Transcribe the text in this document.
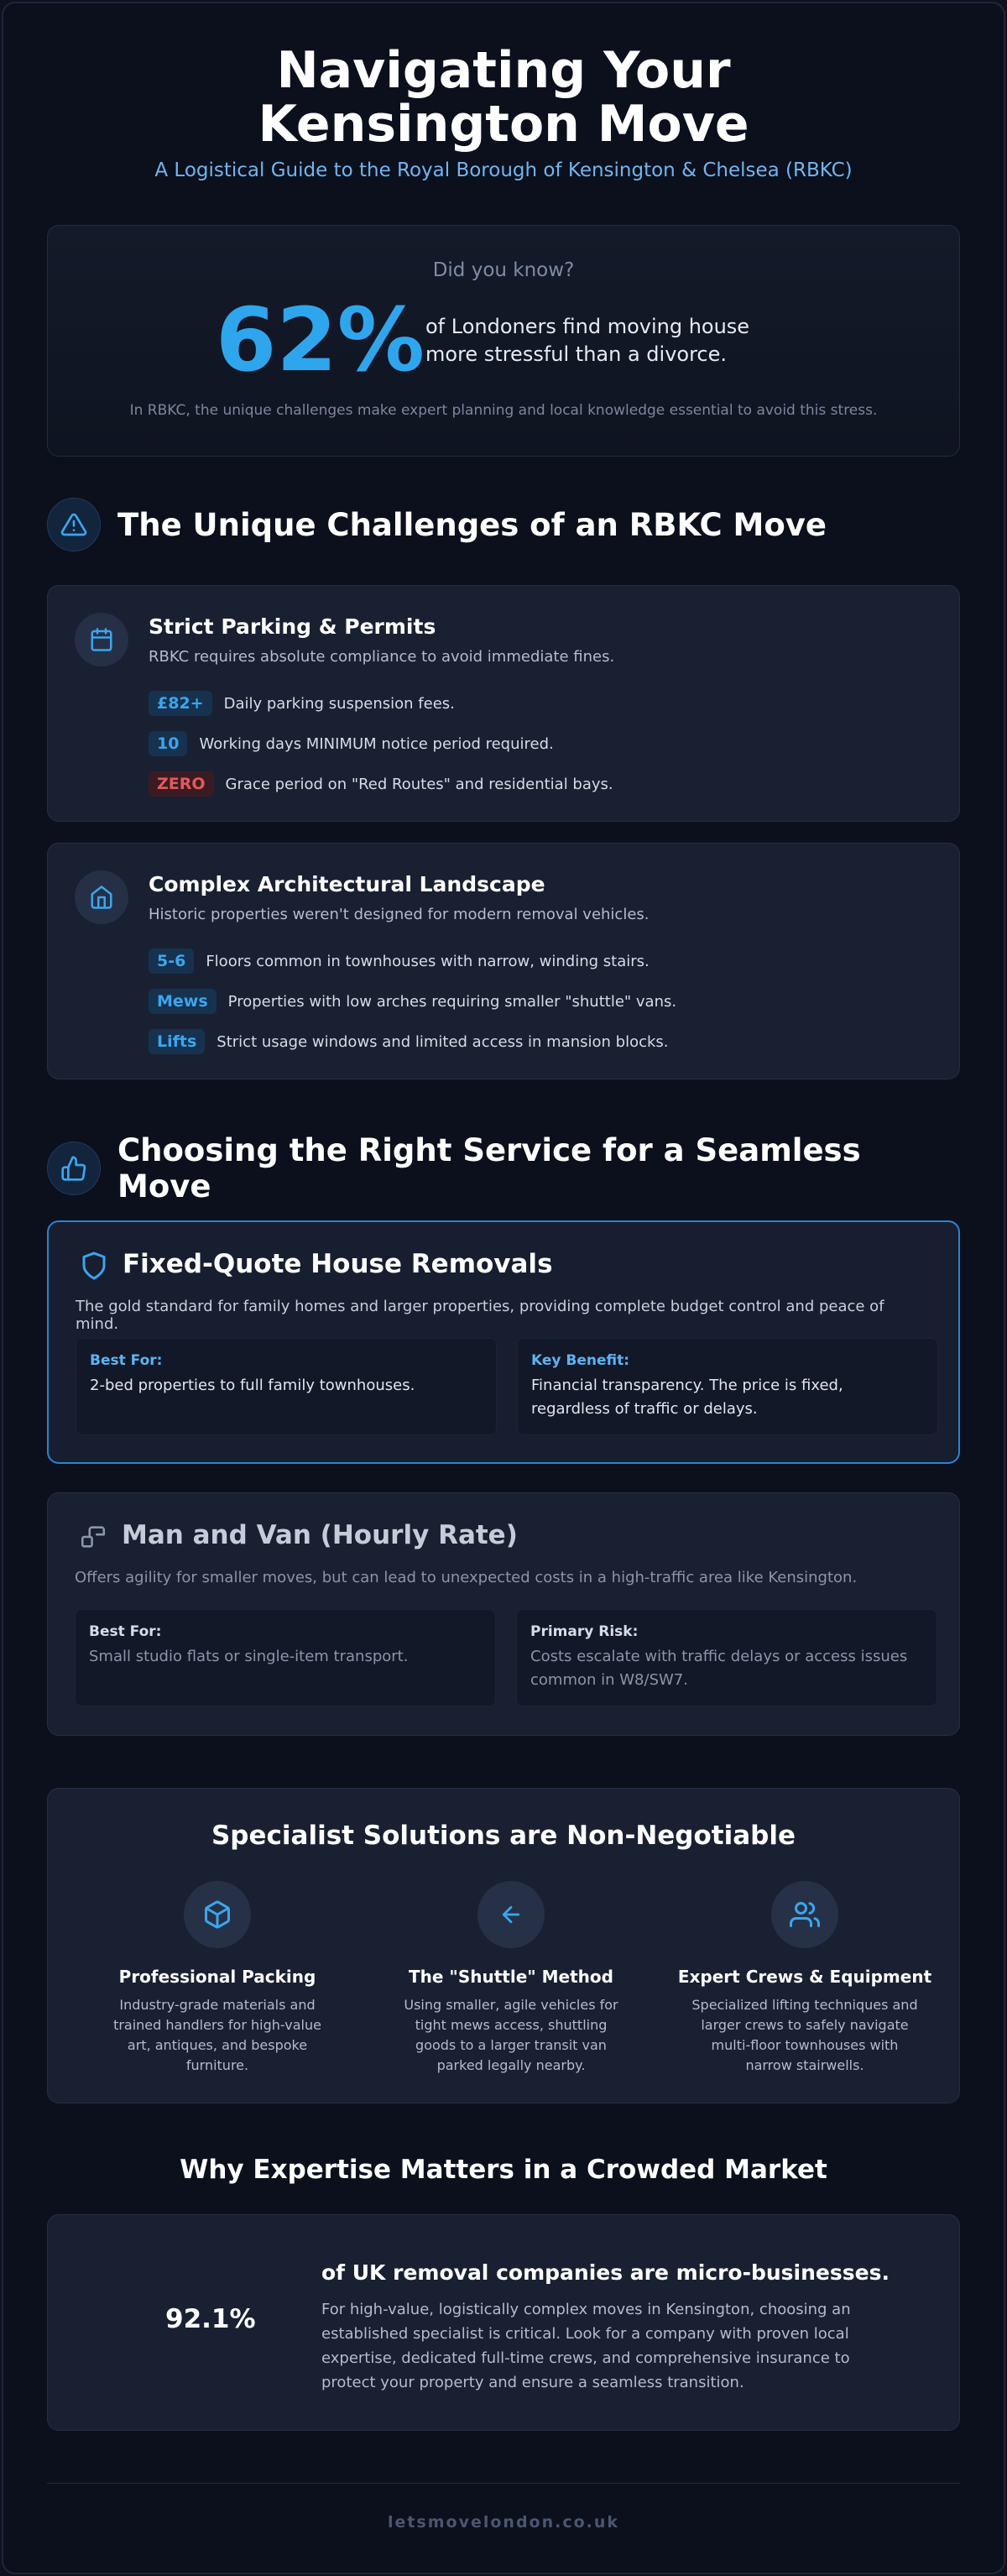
Navigating Your Kensington Move
A Logistical Guide to the Royal Borough of Kensington & Chelsea (RBKC)
Did you know?
62% of Londoners find moving house more stressful than a divorce.
In RBKC, the unique challenges make expert planning and local knowledge essential to avoid this stress.
The Unique Challenges of an RBKC Move
Strict Parking & Permits
RBKC requires absolute compliance to avoid immediate fines.
£82+	Daily parking suspension fees.
10	Working days MINIMUM notice period required.
ZERO	Grace period on "Red Routes" and residential bays.
Complex Architectural Landscape
Historic properties weren't designed for modern removal vehicles.
5-6	Floors common in townhouses with narrow, winding stairs.
Mews	Properties with low arches requiring smaller "shuttle" vans.
Lifts	Strict usage windows and limited access in mansion blocks.
Choosing the Right Service for a Seamless Move
Fixed-Quote House Removals
The gold standard for family homes and larger properties, providing complete budget control and peace of mind.
Best For:
2-bed properties to full family townhouses.
Key Benefit:
Financial transparency. The price is fixed, regardless of traffic or delays.
Man and Van (Hourly Rate)
Offers agility for smaller moves, but can lead to unexpected costs in a high-traffic area like Kensington.
Best For:
Small studio flats or single-item transport.
Primary Risk:
Costs escalate with traffic delays or access issues common in W8/SW7.
Specialist Solutions are Non-Negotiable
Professional Packing
Industry-grade materials and trained handlers for high-value art, antiques, and bespoke furniture.
The "Shuttle" Method
Using smaller, agile vehicles for tight mews access, shuttling goods to a larger transit van parked legally nearby.
Expert Crews & Equipment
Specialized lifting techniques and larger crews to safely navigate multi-floor townhouses with narrow stairwells.
Why Expertise Matters in a Crowded Market
92.1%
of UK removal companies are micro-businesses.
For high-value, logistically complex moves in Kensington, choosing an established specialist is critical. Look for a company with proven local expertise, dedicated full-time crews, and comprehensive insurance to protect your property and ensure a seamless transition.
letsmovelondon.co.uk
